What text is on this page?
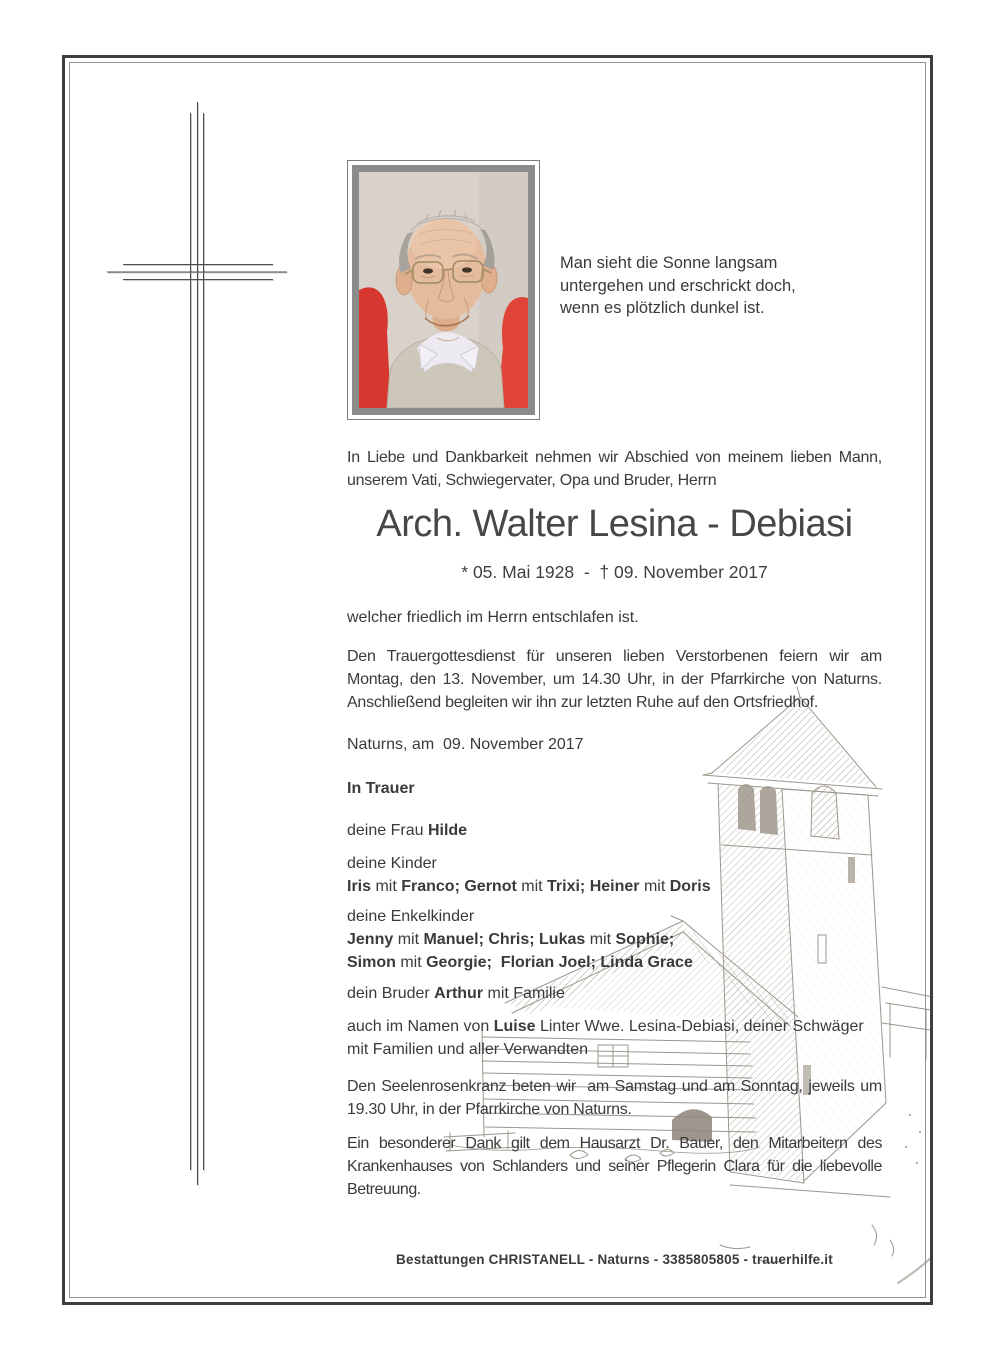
Man sieht die Sonne langsam
untergehen und erschrickt doch,
wenn es plötzlich dunkel ist.
In Liebe und Dankbarkeit nehmen wir Abschied von meinem lieben Mann, unserem Vati, Schwiegervater, Opa und Bruder, Herrn
Arch. Walter Lesina - Debiasi
* 05. Mai 1928  -  † 09. November 2017
welcher friedlich im Herrn entschlafen ist.
Den Trauergottesdienst für unseren lieben Verstorbenen feiern wir am Montag, den 13. November, um 14.30 Uhr, in der Pfarrkirche von Naturns. Anschließend begleiten wir ihn zur letzten Ruhe auf den Ortsfriedhof.
Naturns, am  09. November 2017
In Trauer
deine Frau Hilde
deine Kinder
Iris mit Franco; Gernot mit Trixi; Heiner mit Doris
deine Enkelkinder
Jenny mit Manuel; Chris; Lukas mit Sophie;
Simon mit Georgie;  Florian Joel; Linda Grace
dein Bruder Arthur mit Familie
auch im Namen von Luise Linter Wwe. Lesina-Debiasi, deiner Schwäger mit Familien und aller Verwandten
Den Seelenrosenkranz beten wir  am Samstag und am Sonntag, jeweils um 19.30 Uhr, in der Pfarrkirche von Naturns.
Ein besonderer Dank gilt dem Hausarzt Dr. Bauer, den Mitarbeitern des Krankenhauses von Schlanders und seiner Pflegerin Clara für die liebevolle Betreuung.
Bestattungen CHRISTANELL - Naturns - 3385805805 - trauerhilfe.it
